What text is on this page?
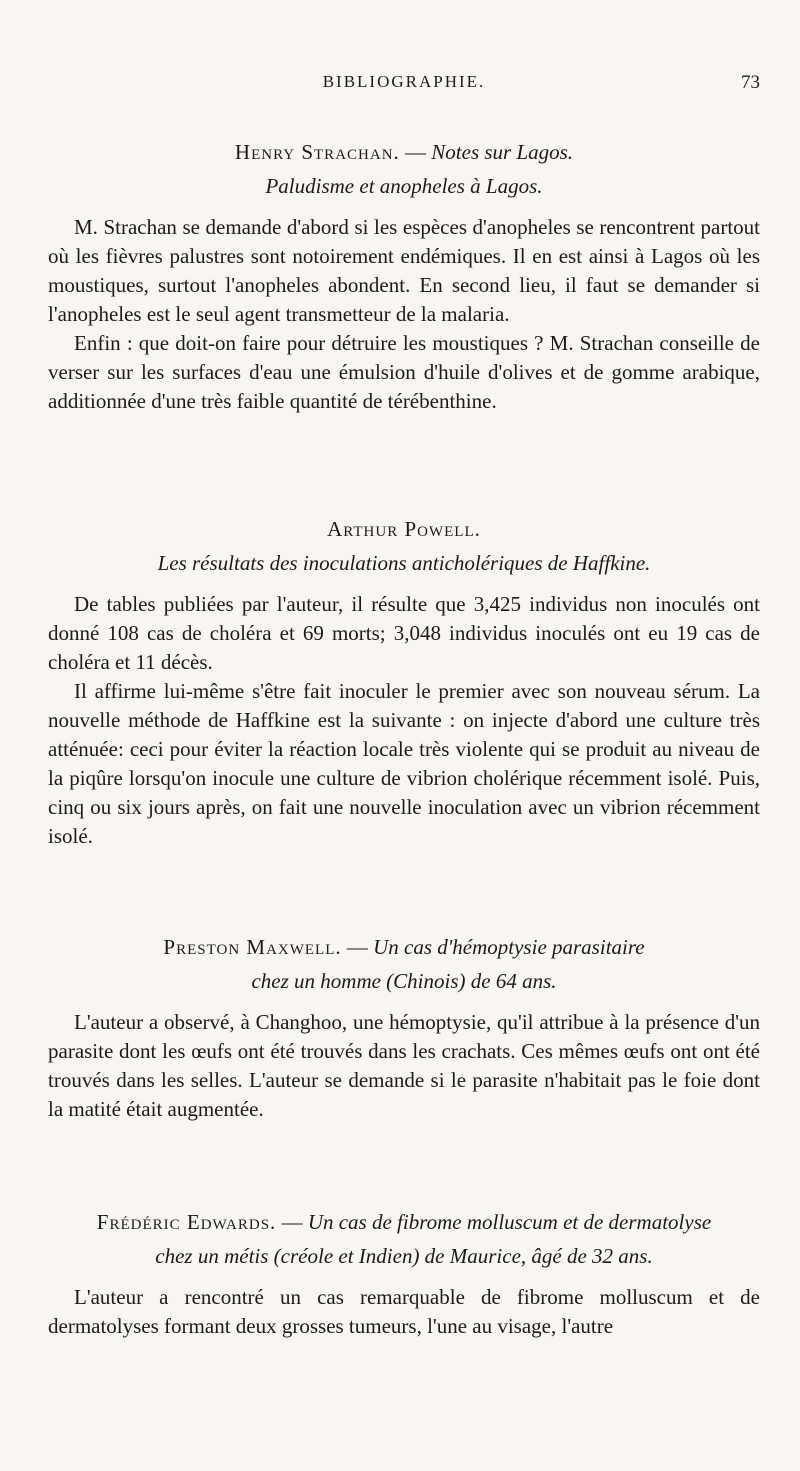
BIBLIOGRAPHIE.	73
Henry Strachan. — Notes sur Lagos.
Paludisme et anopheles à Lagos.

M. Strachan se demande d'abord si les espèces d'anopheles se rencontrent partout où les fièvres palustres sont notoirement endémiques. Il en est ainsi à Lagos où les moustiques, surtout l'anopheles abondent. En second lieu, il faut se demander si l'anopheles est le seul agent transmetteur de la malaria.

Enfin : que doit-on faire pour détruire les moustiques ? M. Strachan conseille de verser sur les surfaces d'eau une émulsion d'huile d'olives et de gomme arabique, additionnée d'une très faible quantité de térébenthine.

Arthur Powell.
Les résultats des inoculations anticholériques de Haffkine.

De tables publiées par l'auteur, il résulte que 3,425 individus non inoculés ont donné 108 cas de choléra et 69 morts; 3,048 individus inoculés ont eu 19 cas de choléra et 11 décès.

Il affirme lui-même s'être fait inoculer le premier avec son nouveau sérum. La nouvelle méthode de Haffkine est la suivante : on injecte d'abord une culture très atténuée: ceci pour éviter la réaction locale très violente qui se produit au niveau de la piqûre lorsqu'on inocule une culture de vibrion cholérique récemment isolé. Puis, cinq ou six jours après, on fait une nouvelle inoculation avec un vibrion récemment isolé.

Preston Maxwell. — Un cas d'hémoptysie parasitaire
chez un homme (Chinois) de 64 ans.

L'auteur a observé, à Changhoo, une hémoptysie, qu'il attribue à la présence d'un parasite dont les œufs ont été trouvés dans les crachats. Ces mêmes œufs ont ont été trouvés dans les selles. L'auteur se demande si le parasite n'habitait pas le foie dont la matité était augmentée.

Frédéric Edwards. — Un cas de fibrome molluscum et de dermatolyse
chez un métis (créole et Indien) de Maurice, âgé de 32 ans.

L'auteur a rencontré un cas remarquable de fibrome molluscum et de dermatolyses formant deux grosses tumeurs, l'une au visage, l'autre
